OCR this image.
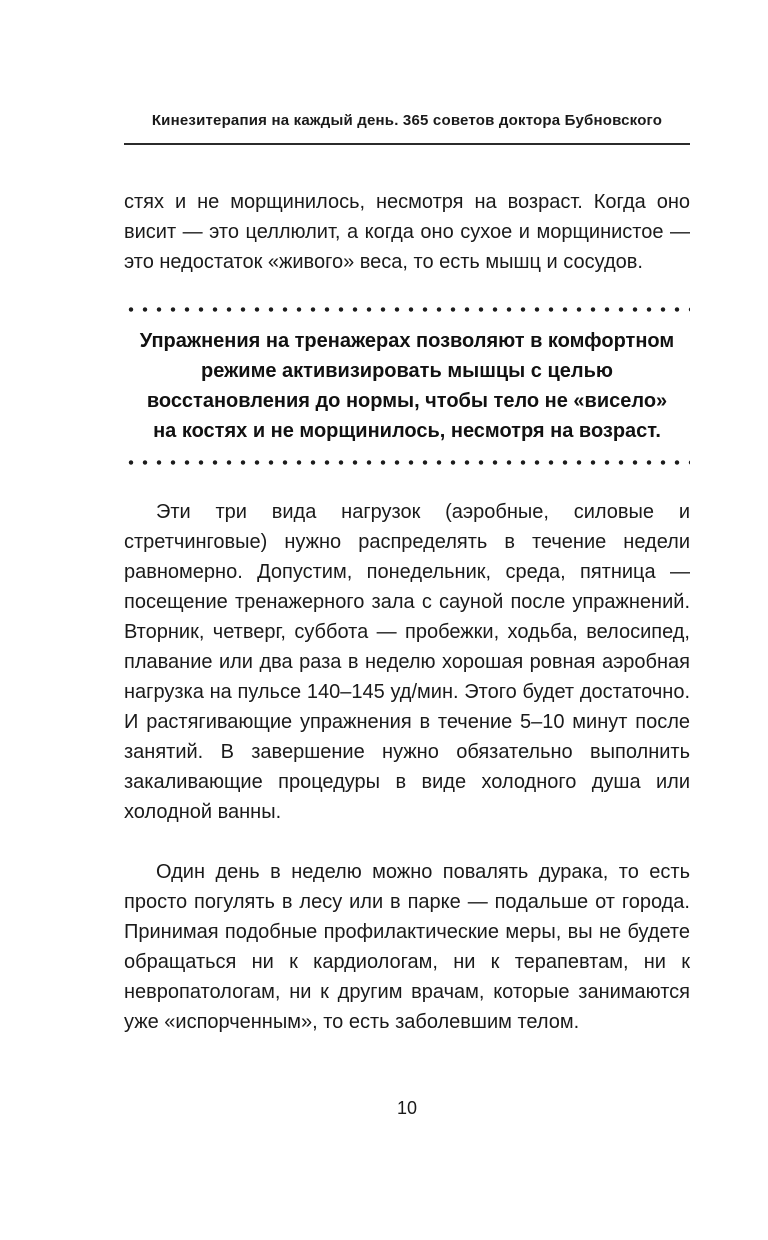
Кинезитерапия на каждый день. 365 советов доктора Бубновского

стях и не морщинилось, несмотря на возраст. Когда оно висит — это целлюлит, а когда оно сухое и морщинистое — это недостаток «живого» веса, то есть мышц и сосудов.

Упражнения на тренажерах позволяют в комфортном режиме активизировать мышцы с целью восстановления до нормы, чтобы тело не «висело» на костях и не морщинилось, несмотря на возраст.

Эти три вида нагрузок (аэробные, силовые и стретчинговые) нужно распределять в течение недели равномерно. Допустим, понедельник, среда, пятница — посещение тренажерного зала с сауной после упражнений. Вторник, четверг, суббота — пробежки, ходьба, велосипед, плавание или два раза в неделю хорошая ровная аэробная нагрузка на пульсе 140–145 уд/мин. Этого будет достаточно. И растягивающие упражнения в течение 5–10 минут после занятий. В завершение нужно обязательно выполнить закаливающие процедуры в виде холодного душа или холодной ванны.

Один день в неделю можно повалять дурака, то есть просто погулять в лесу или в парке — подальше от города. Принимая подобные профилактические меры, вы не будете обращаться ни к кардиологам, ни к терапевтам, ни к невропатологам, ни к другим врачам, которые занимаются уже «испорченным», то есть заболевшим телом.

10
